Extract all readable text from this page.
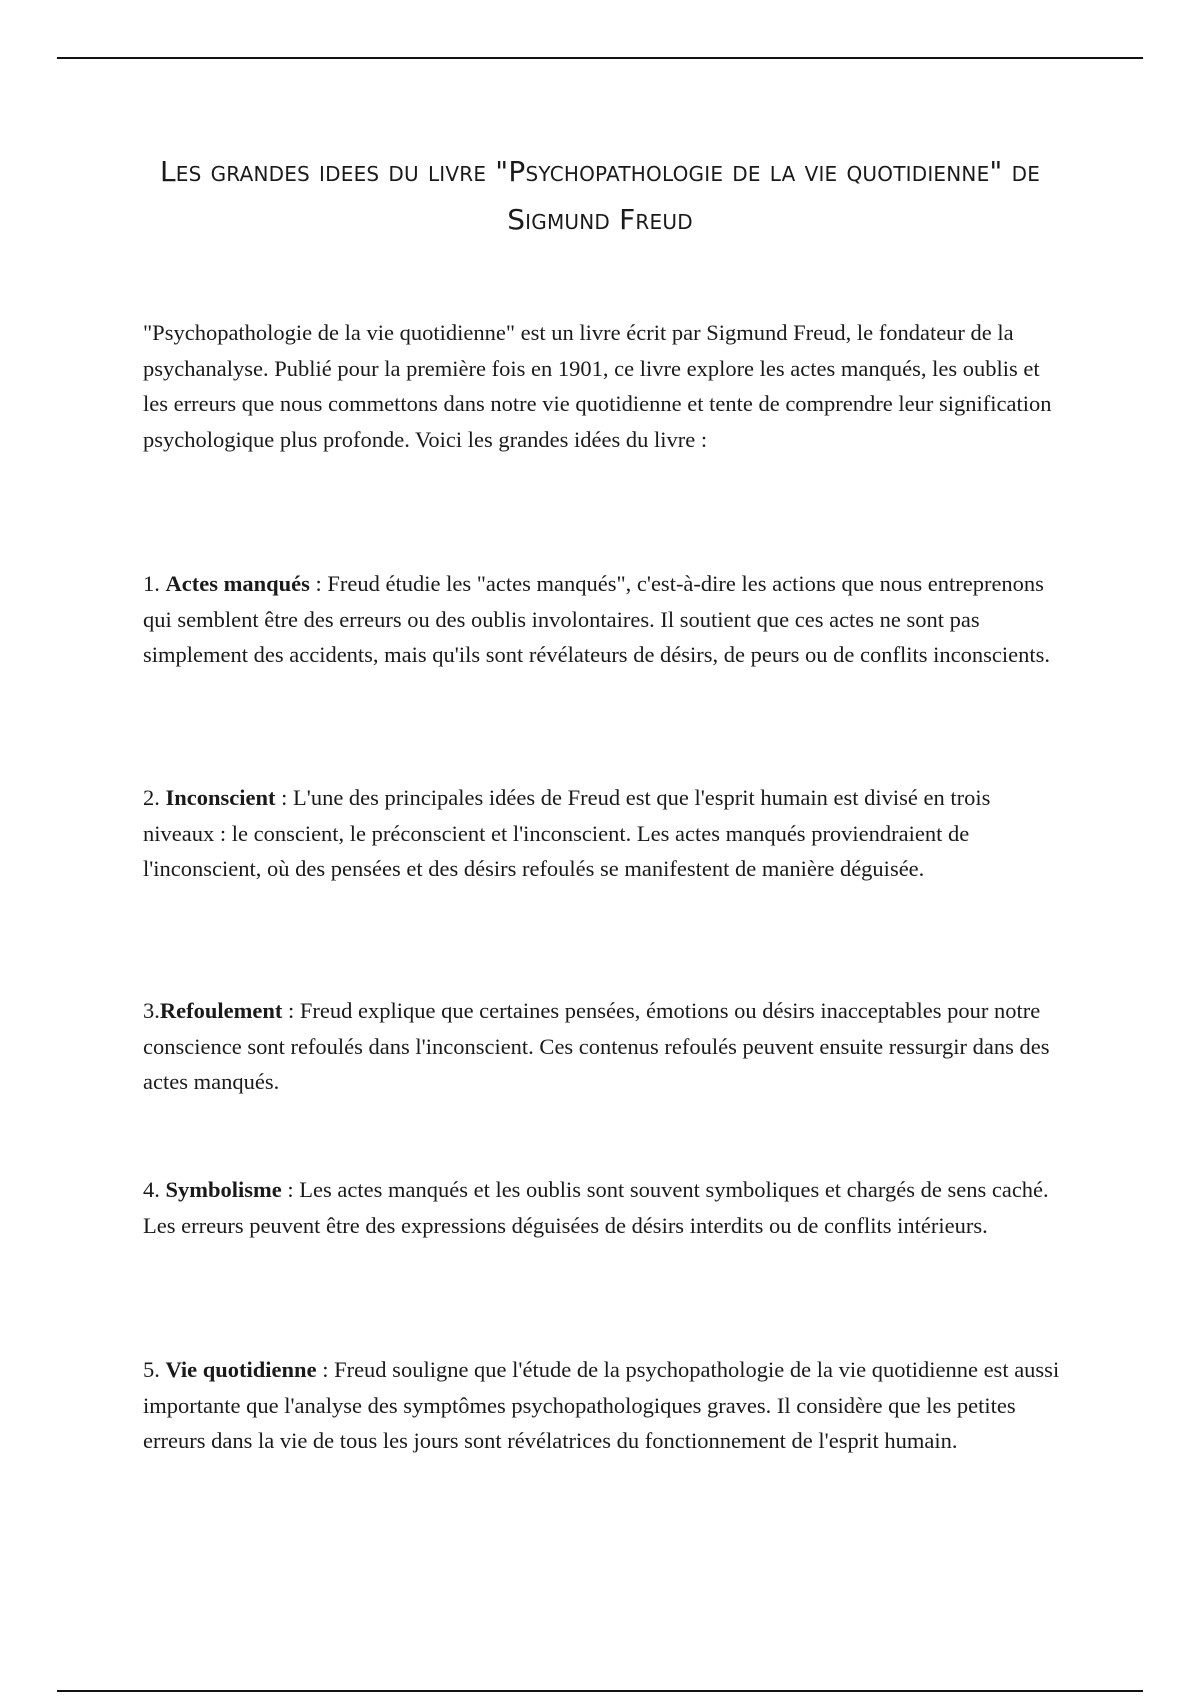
Les grandes idees du livre "Psychopathologie de la vie quotidienne" de Sigmund Freud

"Psychopathologie de la vie quotidienne" est un livre écrit par Sigmund Freud, le fondateur de la psychanalyse. Publié pour la première fois en 1901, ce livre explore les actes manqués, les oublis et les erreurs que nous commettons dans notre vie quotidienne et tente de comprendre leur signification psychologique plus profonde. Voici les grandes idées du livre :

1. Actes manqués : Freud étudie les "actes manqués", c'est-à-dire les actions que nous entreprenons qui semblent être des erreurs ou des oublis involontaires. Il soutient que ces actes ne sont pas simplement des accidents, mais qu'ils sont révélateurs de désirs, de peurs ou de conflits inconscients.

2. Inconscient : L'une des principales idées de Freud est que l'esprit humain est divisé en trois niveaux : le conscient, le préconscient et l'inconscient. Les actes manqués proviendraient de l'inconscient, où des pensées et des désirs refoulés se manifestent de manière déguisée.

3.Refoulement : Freud explique que certaines pensées, émotions ou désirs inacceptables pour notre conscience sont refoulés dans l'inconscient. Ces contenus refoulés peuvent ensuite ressurgir dans des actes manqués.

4. Symbolisme : Les actes manqués et les oublis sont souvent symboliques et chargés de sens caché. Les erreurs peuvent être des expressions déguisées de désirs interdits ou de conflits intérieurs.

5. Vie quotidienne : Freud souligne que l'étude de la psychopathologie de la vie quotidienne est aussi importante que l'analyse des symptômes psychopathologiques graves. Il considère que les petites erreurs dans la vie de tous les jours sont révélatrices du fonctionnement de l'esprit humain.
